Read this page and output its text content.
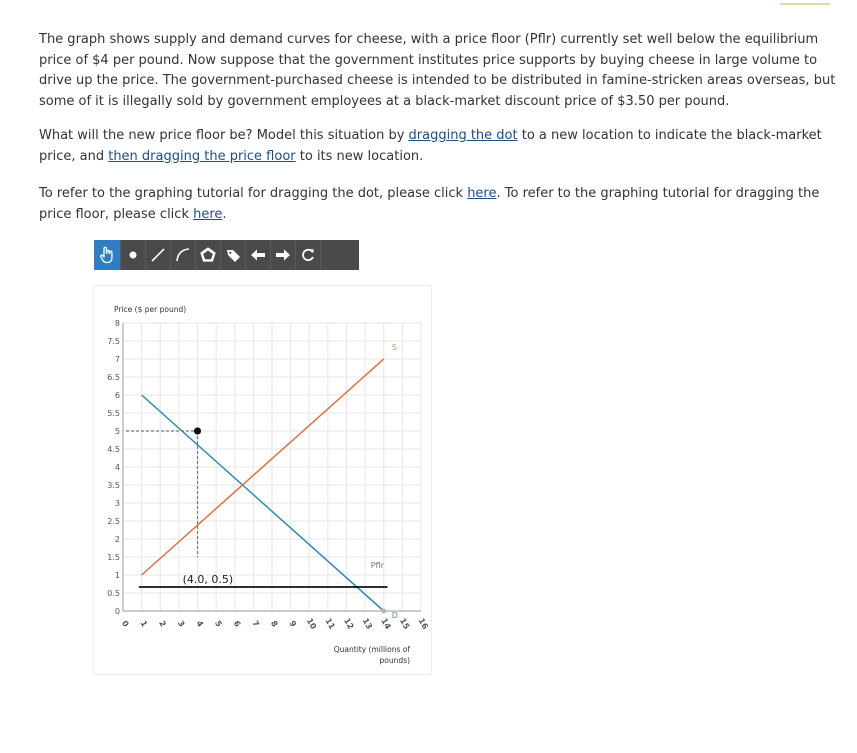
The graph shows supply and demand curves for cheese, with a price floor (Pflr) currently set well below the equilibrium price of $4 per pound. Now suppose that the government institutes price supports by buying cheese in large volume to drive up the price. The government-purchased cheese is intended to be distributed in famine-stricken areas overseas, but some of it is illegally sold by government employees at a black-market discount price of $3.50 per pound.

What will the new price floor be? Model this situation by dragging the dot to a new location to indicate the black-market price, and then dragging the price floor to its new location.

To refer to the graphing tutorial for dragging the dot, please click here. To refer to the graphing tutorial for dragging the price floor, please click here.

Price ($ per pound)
0
0.5
1
1.5
2
2.5
3
3.5
4
4.5
5
5.5
6
6.5
7
7.5
8
0 1 2 3 4 5 6 7 8 9 10 11 12 13 14 15 16
S
D
Pflr
(4.0, 0.5)
Quantity (millions of
pounds)
